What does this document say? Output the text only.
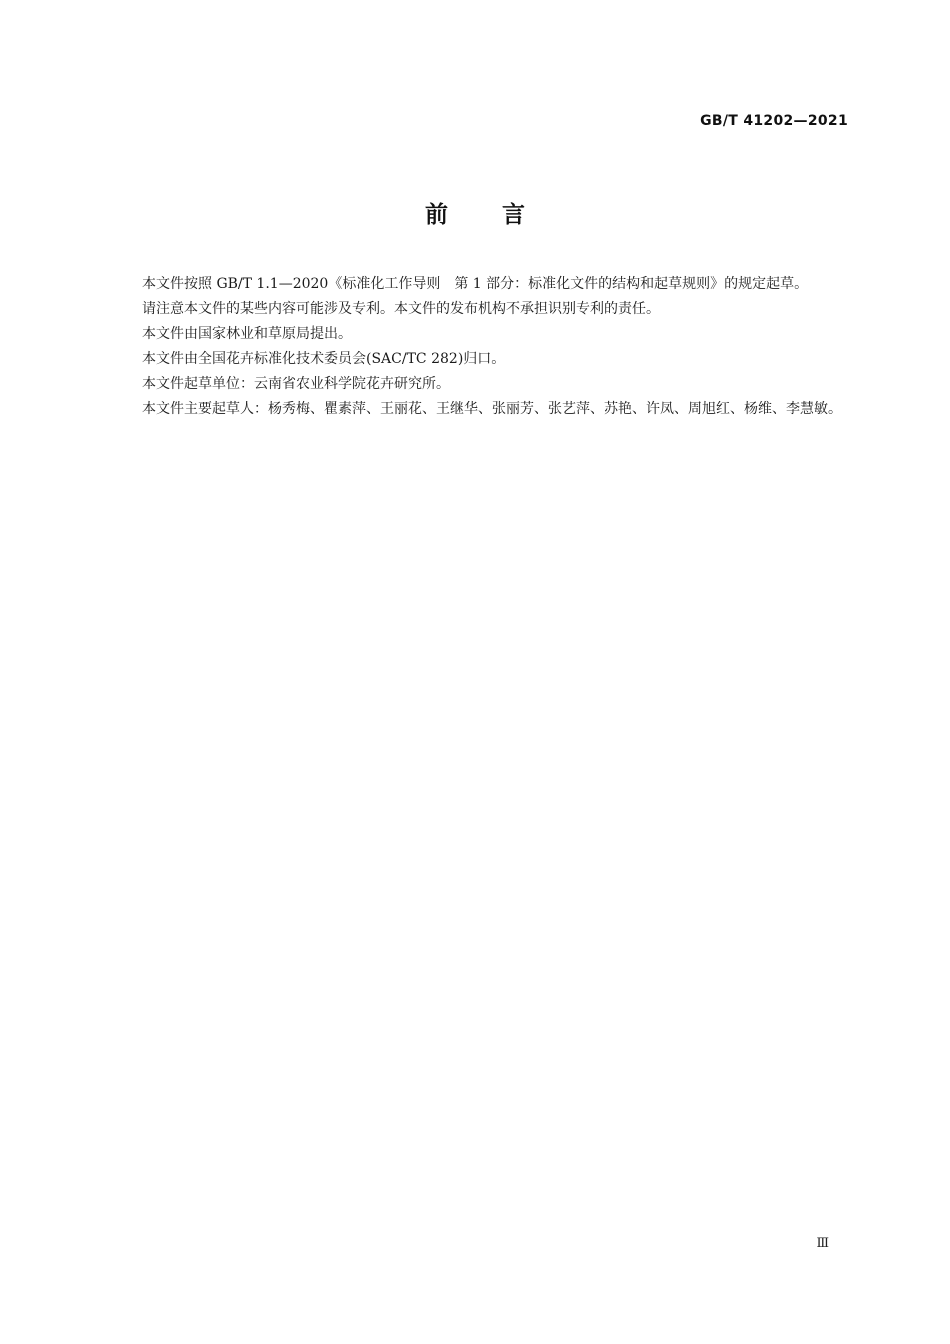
GB/T 41202—2021
前言

本文件按照 GB/T 1.1—2020《标准化工作导则　第 1 部分：标准化文件的结构和起草规则》的规定起草。

请注意本文件的某些内容可能涉及专利。本文件的发布机构不承担识别专利的责任。

本文件由国家林业和草原局提出。

本文件由全国花卉标准化技术委员会(SAC/TC 282)归口。

本文件起草单位：云南省农业科学院花卉研究所。

本文件主要起草人：杨秀梅、瞿素萍、王丽花、王继华、张丽芳、张艺萍、苏艳、许凤、周旭红、杨维、李慧敏。

Ⅲ
